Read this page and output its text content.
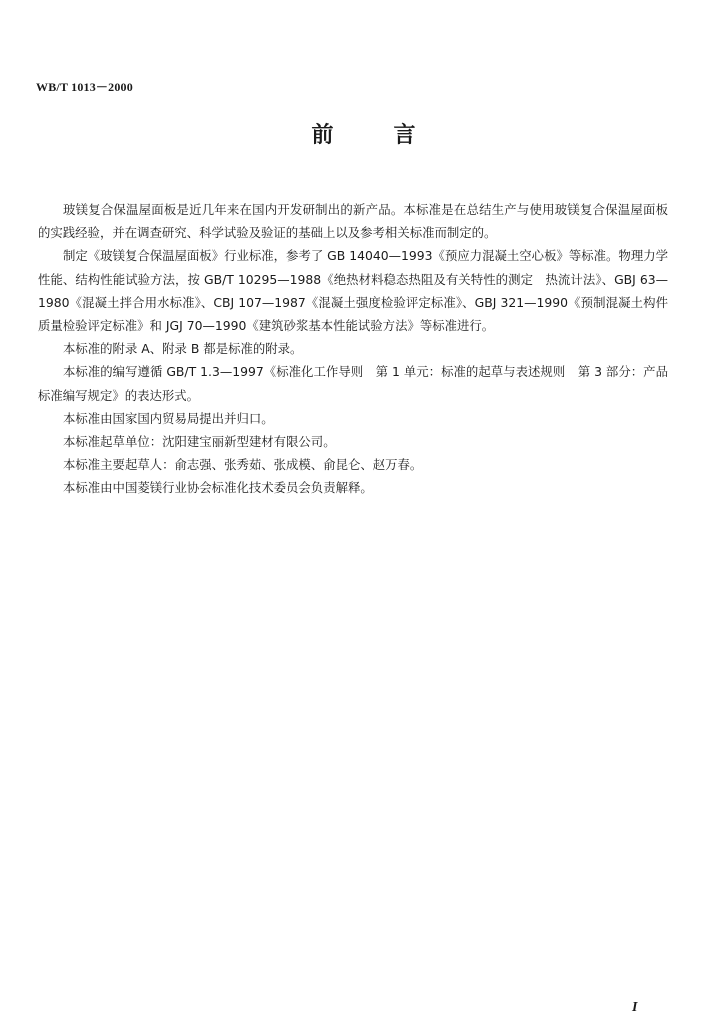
WB/T 1013－2000
前言

玻镁复合保温屋面板是近几年来在国内开发研制出的新产品。本标准是在总结生产与使用玻镁复合保温屋面板的实践经验，并在调查研究、科学试验及验证的基础上以及参考相关标准而制定的。

制定《玻镁复合保温屋面板》行业标准，参考了 GB 14040—1993《预应力混凝土空心板》等标准。物理力学性能、结构性能试验方法，按 GB/T 10295—1988《绝热材料稳态热阻及有关特性的测定　热流计法》、GBJ 63—1980《混凝土拌合用水标准》、CBJ 107—1987《混凝土强度检验评定标准》、GBJ 321—1990《预制混凝土构件质量检验评定标准》和 JGJ 70—1990《建筑砂浆基本性能试验方法》等标准进行。

本标准的附录 A、附录 B 都是标准的附录。

本标准的编写遵循 GB/T 1.3—1997《标准化工作导则　第 1 单元：标准的起草与表述规则　第 3 部分：产品标准编写规定》的表达形式。

本标准由国家国内贸易局提出并归口。

本标准起草单位：沈阳建宝丽新型建材有限公司。

本标准主要起草人：俞志强、张秀茹、张成模、俞昆仑、赵万春。

本标准由中国菱镁行业协会标准化技术委员会负责解释。

I
